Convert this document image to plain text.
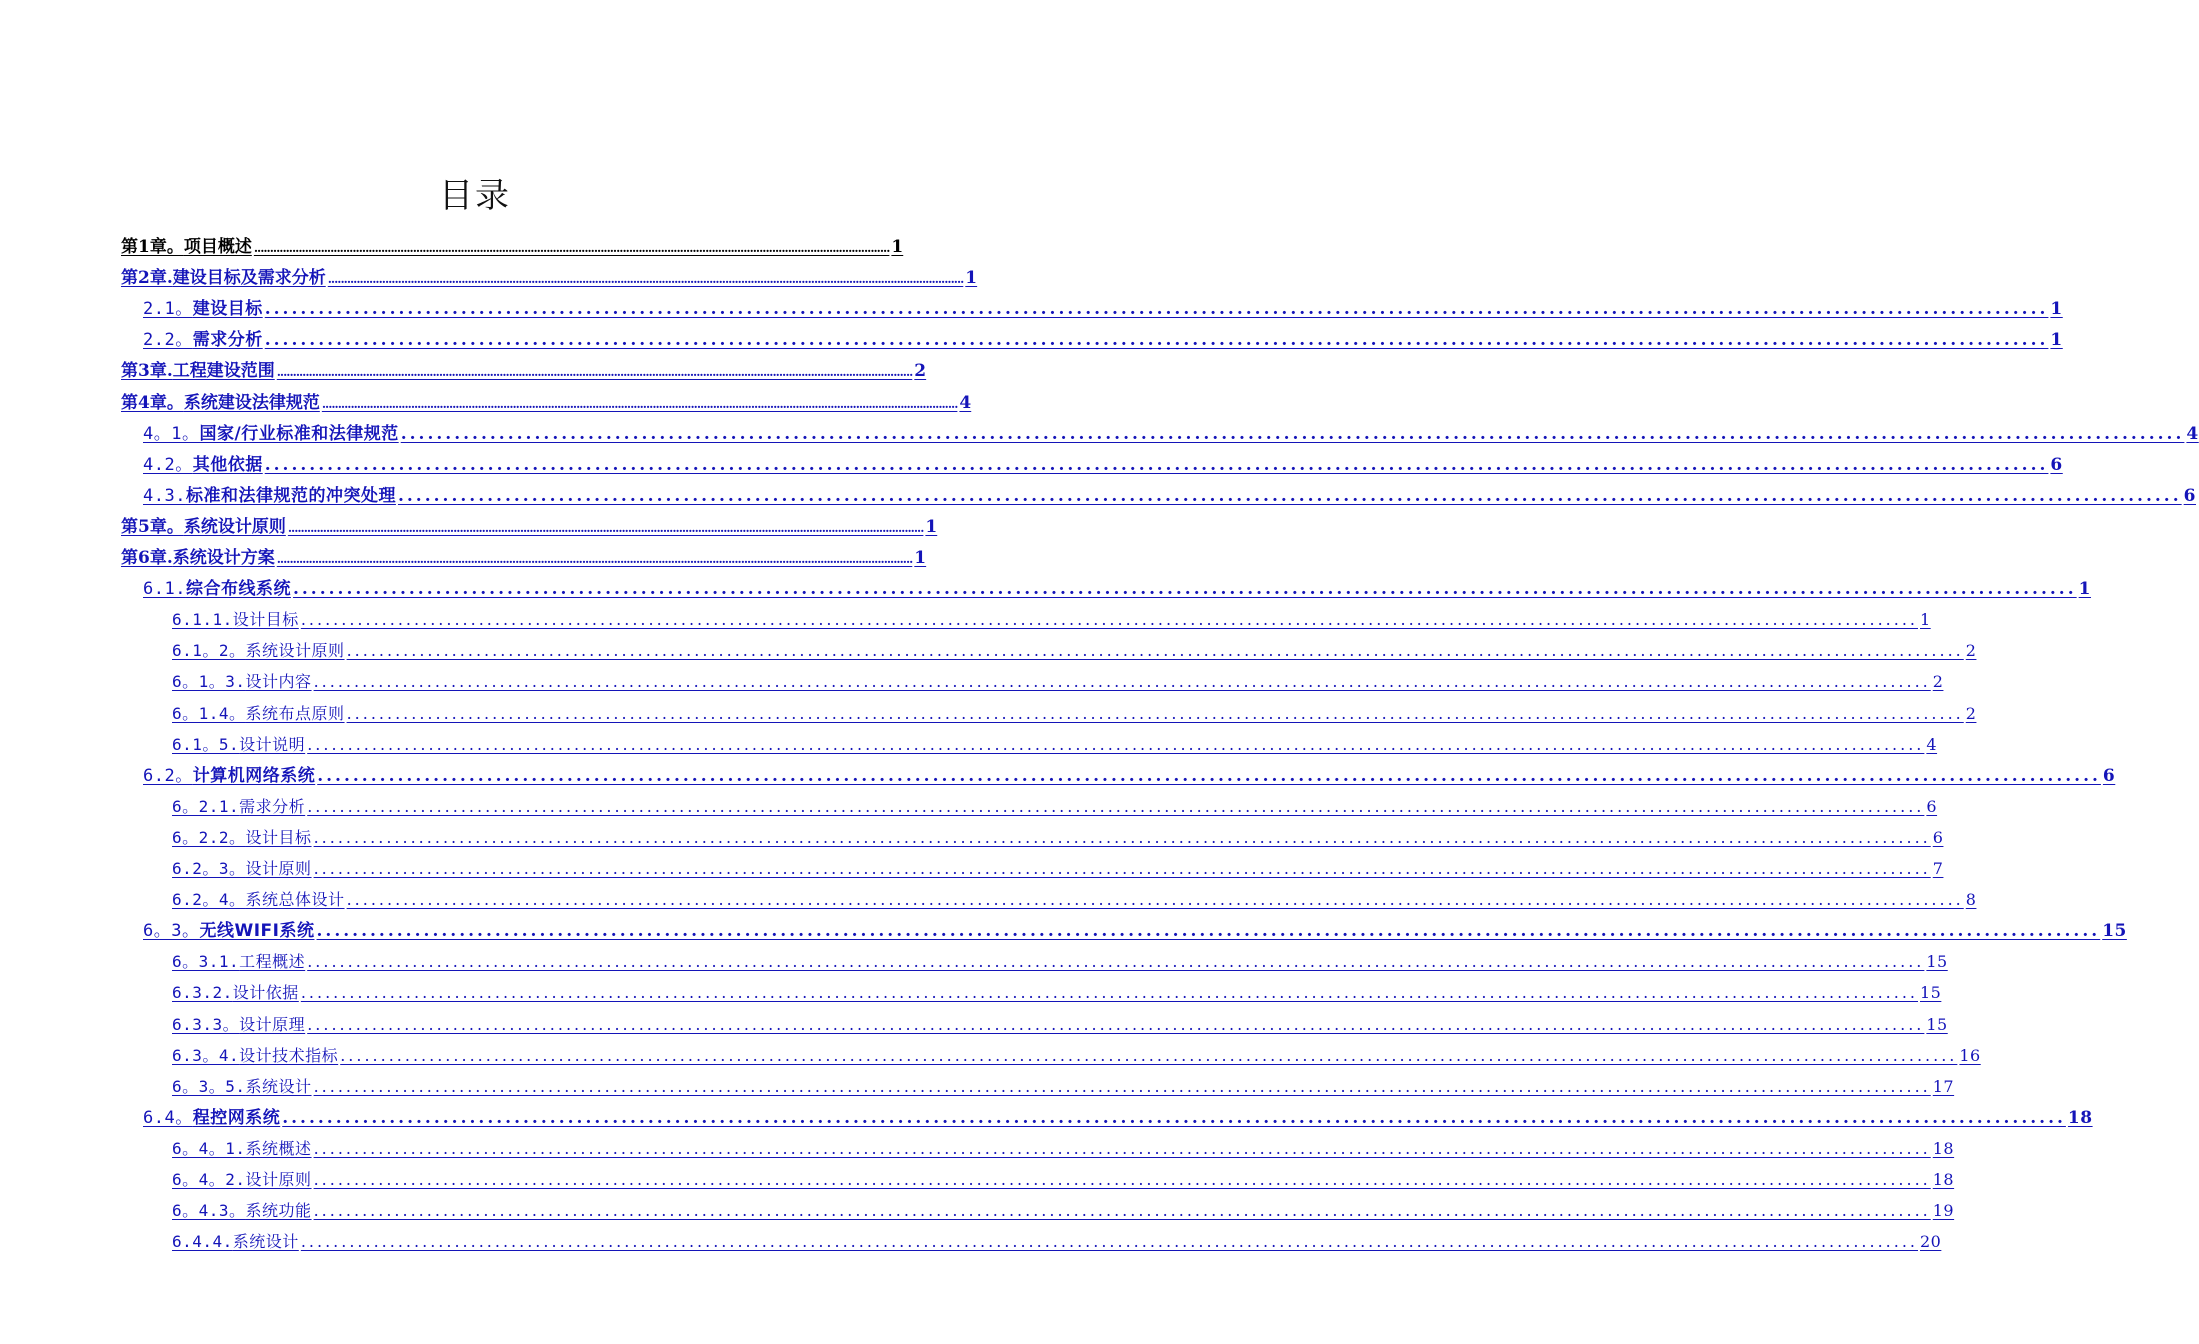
目录
第1章。 项目概述 ........................................................................................................................................................................................................ 1
第2章. 建设目标及需求分析 ........................................................................................................................................................................................................ 1
2.1。 建设目标 ........................................................................................................................................................................................................ 1
2.2。 需求分析 ........................................................................................................................................................................................................ 1
第3章. 工程建设范围 ........................................................................................................................................................................................................ 2
第4章。 系统建设法律规范 ........................................................................................................................................................................................................ 4
4。1。 国家/行业标准和法律规范 ........................................................................................................................................................................................................ 4
4.2。 其他依据 ........................................................................................................................................................................................................ 6
4.3. 标准和法律规范的冲突处理 ........................................................................................................................................................................................................ 6
第5章。 系统设计原则 ........................................................................................................................................................................................................ 1
第6章. 系统设计方案 ........................................................................................................................................................................................................ 1
6.1. 综合布线系统 ........................................................................................................................................................................................................ 1
6.1.1. 设计目标 ........................................................................................................................................................................................................ 1
6.1。2。 系统设计原则 ........................................................................................................................................................................................................ 2
6。1。3. 设计内容 ........................................................................................................................................................................................................ 2
6。1.4。 系统布点原则 ........................................................................................................................................................................................................ 2
6.1。5. 设计说明 ........................................................................................................................................................................................................ 4
6.2。 计算机网络系统 ........................................................................................................................................................................................................ 6
6。2.1. 需求分析 ........................................................................................................................................................................................................ 6
6。2.2。 设计目标 ........................................................................................................................................................................................................ 6
6.2。3。 设计原则 ........................................................................................................................................................................................................ 7
6.2。4。 系统总体设计 ........................................................................................................................................................................................................ 8
6。3。 无线WIFI系统 ........................................................................................................................................................................................................ 15
6。3.1. 工程概述 ........................................................................................................................................................................................................ 15
6.3.2. 设计依据 ........................................................................................................................................................................................................ 15
6.3.3。 设计原理 ........................................................................................................................................................................................................ 15
6.3。4. 设计技术指标 ........................................................................................................................................................................................................ 16
6。3。5. 系统设计 ........................................................................................................................................................................................................ 17
6.4。 程控网系统 ........................................................................................................................................................................................................ 18
6。4。1. 系统概述 ........................................................................................................................................................................................................ 18
6。4。2. 设计原则 ........................................................................................................................................................................................................ 18
6。4.3。 系统功能 ........................................................................................................................................................................................................ 19
6.4.4. 系统设计 ........................................................................................................................................................................................................ 20
